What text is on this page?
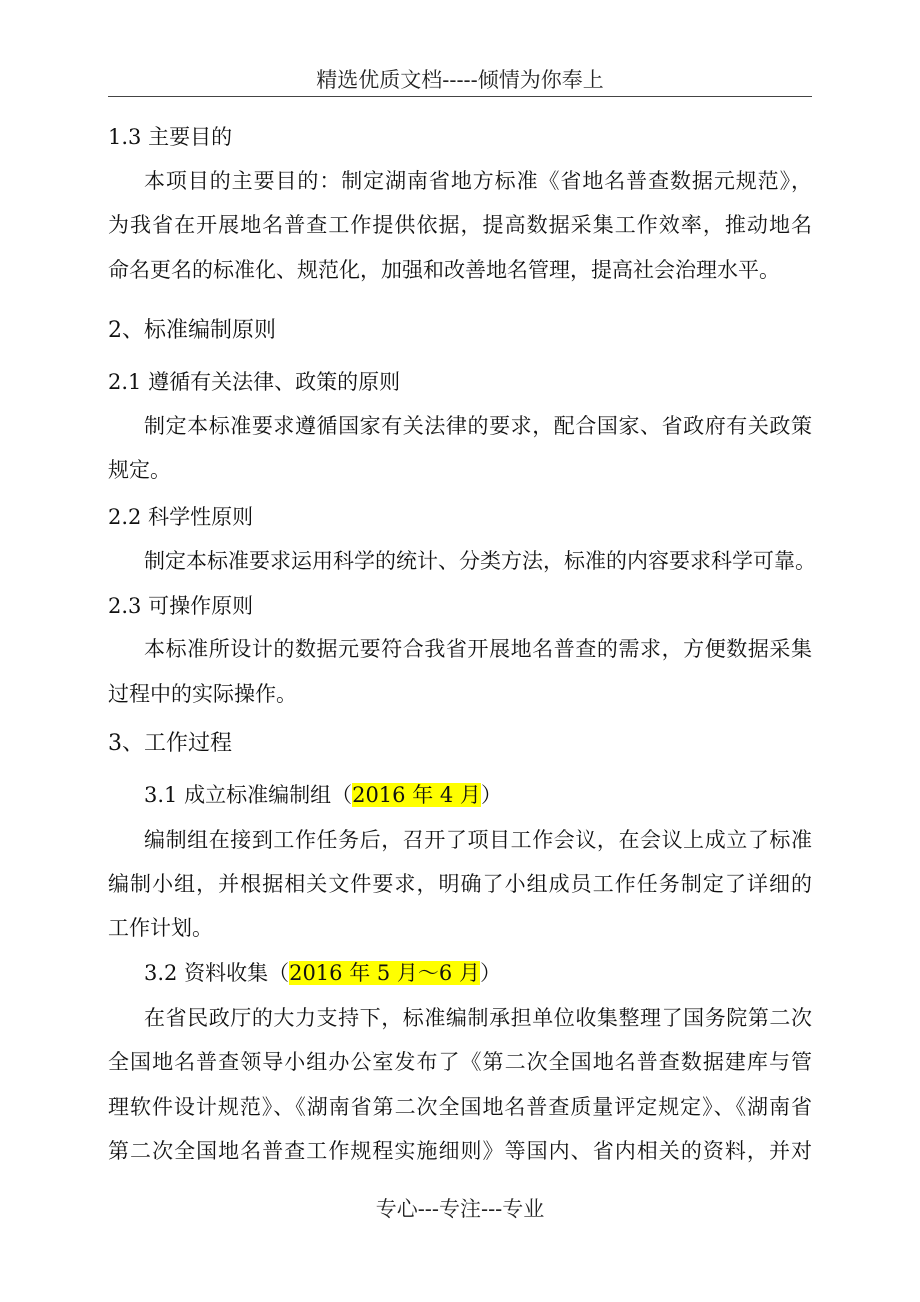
精选优质文档-----倾情为你奉上
1.3 主要目的
本项目的主要目的：制定湖南省地方标准《省地名普查数据元规范》，
为我省在开展地名普查工作提供依据，提高数据采集工作效率，推动地名
命名更名的标准化、规范化，加强和改善地名管理，提高社会治理水平。
2、标准编制原则
2.1 遵循有关法律、政策的原则
制定本标准要求遵循国家有关法律的要求，配合国家、省政府有关政策
规定。
2.2 科学性原则
制定本标准要求运用科学的统计、分类方法，标准的内容要求科学可靠。
2.3 可操作原则
本标准所设计的数据元要符合我省开展地名普查的需求，方便数据采集
过程中的实际操作。
3、工作过程
3.1 成立标准编制组（2016 年 4 月）
编制组在接到工作任务后，召开了项目工作会议，在会议上成立了标准
编制小组，并根据相关文件要求，明确了小组成员工作任务制定了详细的
工作计划。
3.2 资料收集（2016 年 5 月～6 月）
在省民政厅的大力支持下，标准编制承担单位收集整理了国务院第二次
全国地名普查领导小组办公室发布了《第二次全国地名普查数据建库与管
理软件设计规范》、《湖南省第二次全国地名普查质量评定规定》、《湖南省
第二次全国地名普查工作规程实施细则》等国内、省内相关的资料，并对
专心---专注---专业
